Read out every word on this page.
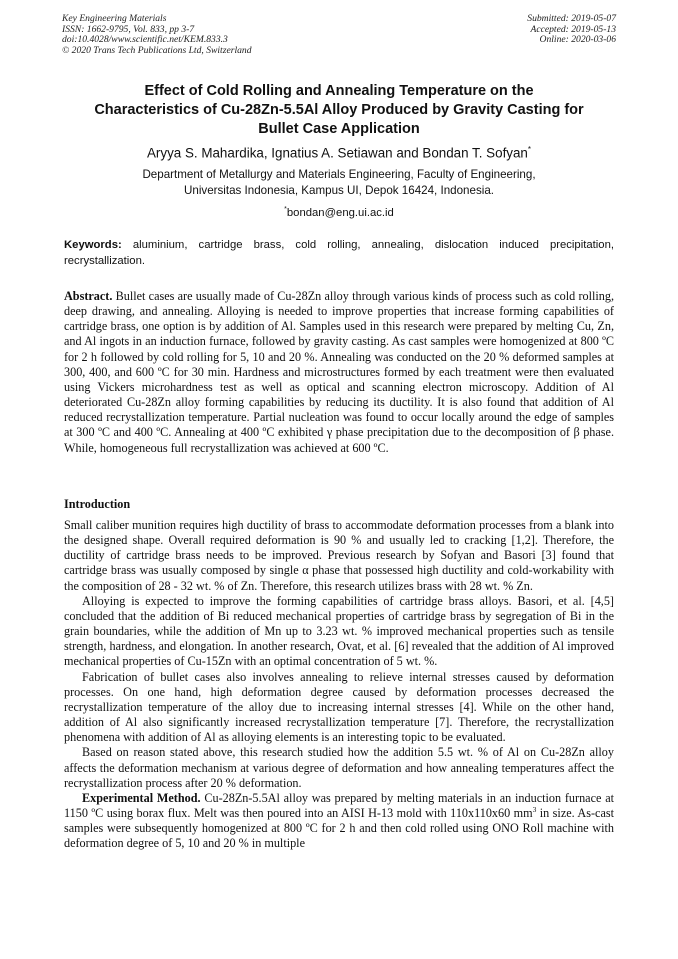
Key Engineering Materials
ISSN: 1662-9795, Vol. 833, pp 3-7
doi:10.4028/www.scientific.net/KEM.833.3
© 2020 Trans Tech Publications Ltd, Switzerland
Submitted: 2019-05-07
Accepted: 2019-05-13
Online: 2020-03-06
Effect of Cold Rolling and Annealing Temperature on the
Characteristics of Cu-28Zn-5.5Al Alloy Produced by Gravity Casting for
Bullet Case Application
Aryya S. Mahardika, Ignatius A. Setiawan and Bondan T. Sofyan*
Department of Metallurgy and Materials Engineering, Faculty of Engineering,
Universitas Indonesia, Kampus UI, Depok 16424, Indonesia.
*bondan@eng.ui.ac.id
Keywords: aluminium, cartridge brass, cold rolling, annealing, dislocation induced precipitation, recrystallization.
Abstract. Bullet cases are usually made of Cu-28Zn alloy through various kinds of process such as cold rolling, deep drawing, and annealing. Alloying is needed to improve properties that increase forming capabilities of cartridge brass, one option is by addition of Al. Samples used in this research were prepared by melting Cu, Zn, and Al ingots in an induction furnace, followed by gravity casting. As cast samples were homogenized at 800 ºC for 2 h followed by cold rolling for 5, 10 and 20 %. Annealing was conducted on the 20 % deformed samples at 300, 400, and 600 ºC for 30 min. Hardness and microstructures formed by each treatment were then evaluated using Vickers microhardness test as well as optical and scanning electron microscopy. Addition of Al deteriorated Cu-28Zn alloy forming capabilities by reducing its ductility. It is also found that addition of Al reduced recrystallization temperature. Partial nucleation was found to occur locally around the edge of samples at 300 ºC and 400 ºC. Annealing at 400 ºC exhibited γ phase precipitation due to the decomposition of β phase. While, homogeneous full recrystallization was achieved at 600 ºC.
Introduction

Small caliber munition requires high ductility of brass to accommodate deformation processes from a blank into the designed shape. Overall required deformation is 90 % and usually led to cracking [1,2]. Therefore, the ductility of cartridge brass needs to be improved. Previous research by Sofyan and Basori [3] found that cartridge brass was usually composed by single α phase that possessed high ductility and cold-workability with the composition of 28 - 32 wt. % of Zn. Therefore, this research utilizes brass with 28 wt. % Zn.

Alloying is expected to improve the forming capabilities of cartridge brass alloys. Basori, et al. [4,5] concluded that the addition of Bi reduced mechanical properties of cartridge brass by segregation of Bi in the grain boundaries, while the addition of Mn up to 3.23 wt. % improved mechanical properties such as tensile strength, hardness, and elongation. In another research, Ovat, et al. [6] revealed that the addition of Al improved mechanical properties of Cu-15Zn with an optimal concentration of 5 wt. %.

Fabrication of bullet cases also involves annealing to relieve internal stresses caused by deformation processes. On one hand, high deformation degree caused by deformation processes decreased the recrystallization temperature of the alloy due to increasing internal stresses [4]. While on the other hand, addition of Al also significantly increased recrystallization temperature [7]. Therefore, the recrystallization phenomena with addition of Al as alloying elements is an interesting topic to be evaluated.

Based on reason stated above, this research studied how the addition 5.5 wt. % of Al on Cu-28Zn alloy affects the deformation mechanism at various degree of deformation and how annealing temperatures affect the recrystallization process after 20 % deformation.

Experimental Method. Cu-28Zn-5.5Al alloy was prepared by melting materials in an induction furnace at 1150 ºC using borax flux. Melt was then poured into an AISI H-13 mold with 110x110x60 $mm^3$ in size. As-cast samples were subsequently homogenized at 800 ºC for 2 h and then cold rolled using ONO Roll machine with deformation degree of 5, 10 and 20 % in multiple
